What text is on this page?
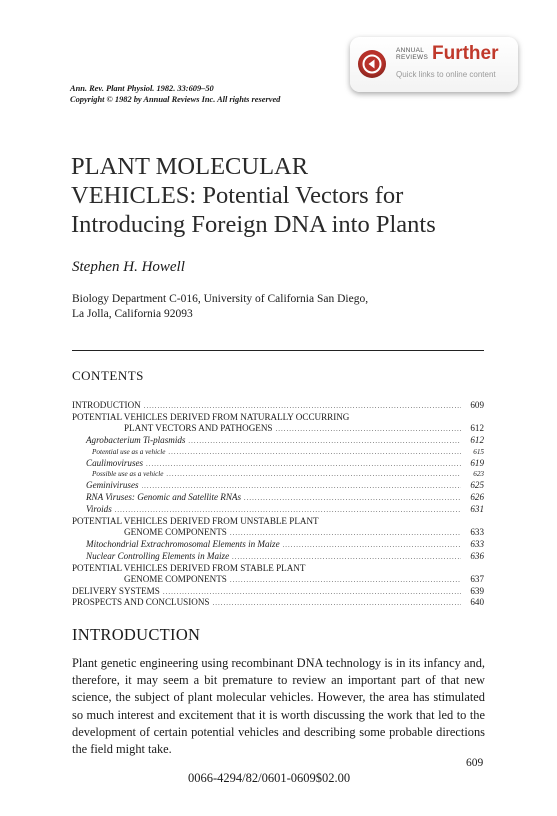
ANNUAL
REVIEWS Further
Quick links to online content
Ann. Rev. Plant Physiol. 1982. 33:609–50
Copyright © 1982 by Annual Reviews Inc. All rights reserved
PLANT MOLECULAR
VEHICLES: Potential Vectors for
Introducing Foreign DNA into Plants
Stephen H. Howell
Biology Department C-016, University of California San Diego,
La Jolla, California 92093
CONTENTS
INTRODUCTION .....	609
POTENTIAL VEHICLES DERIVED FROM NATURALLY OCCURRING
PLANT VECTORS AND PATHOGENS .....	612
Agrobacterium Ti-plasmids .....	612
Potential use as a vehicle .....	615
Caulimoviruses .....	619
Possible use as a vehicle .....	623
Geminiviruses .....	625
RNA Viruses: Genomic and Satellite RNAs .....	626
Viroids .....	631
POTENTIAL VEHICLES DERIVED FROM UNSTABLE PLANT
GENOME COMPONENTS .....	633
Mitochondrial Extrachromosomal Elements in Maize .....	633
Nuclear Controlling Elements in Maize .....	636
POTENTIAL VEHICLES DERIVED FROM STABLE PLANT
GENOME COMPONENTS .....	637
DELIVERY SYSTEMS .....	639
PROSPECTS AND CONCLUSIONS .....	640
INTRODUCTION
Plant genetic engineering using recombinant DNA technology is in its infancy and, therefore, it may seem a bit premature to review an important part of that new science, the subject of plant molecular vehicles. However, the area has stimulated so much interest and excitement that it is worth discussing the work that led to the development of certain potential vehicles and describing some probable directions the field might take.
609
0066-4294/82/0601-0609$02.00
